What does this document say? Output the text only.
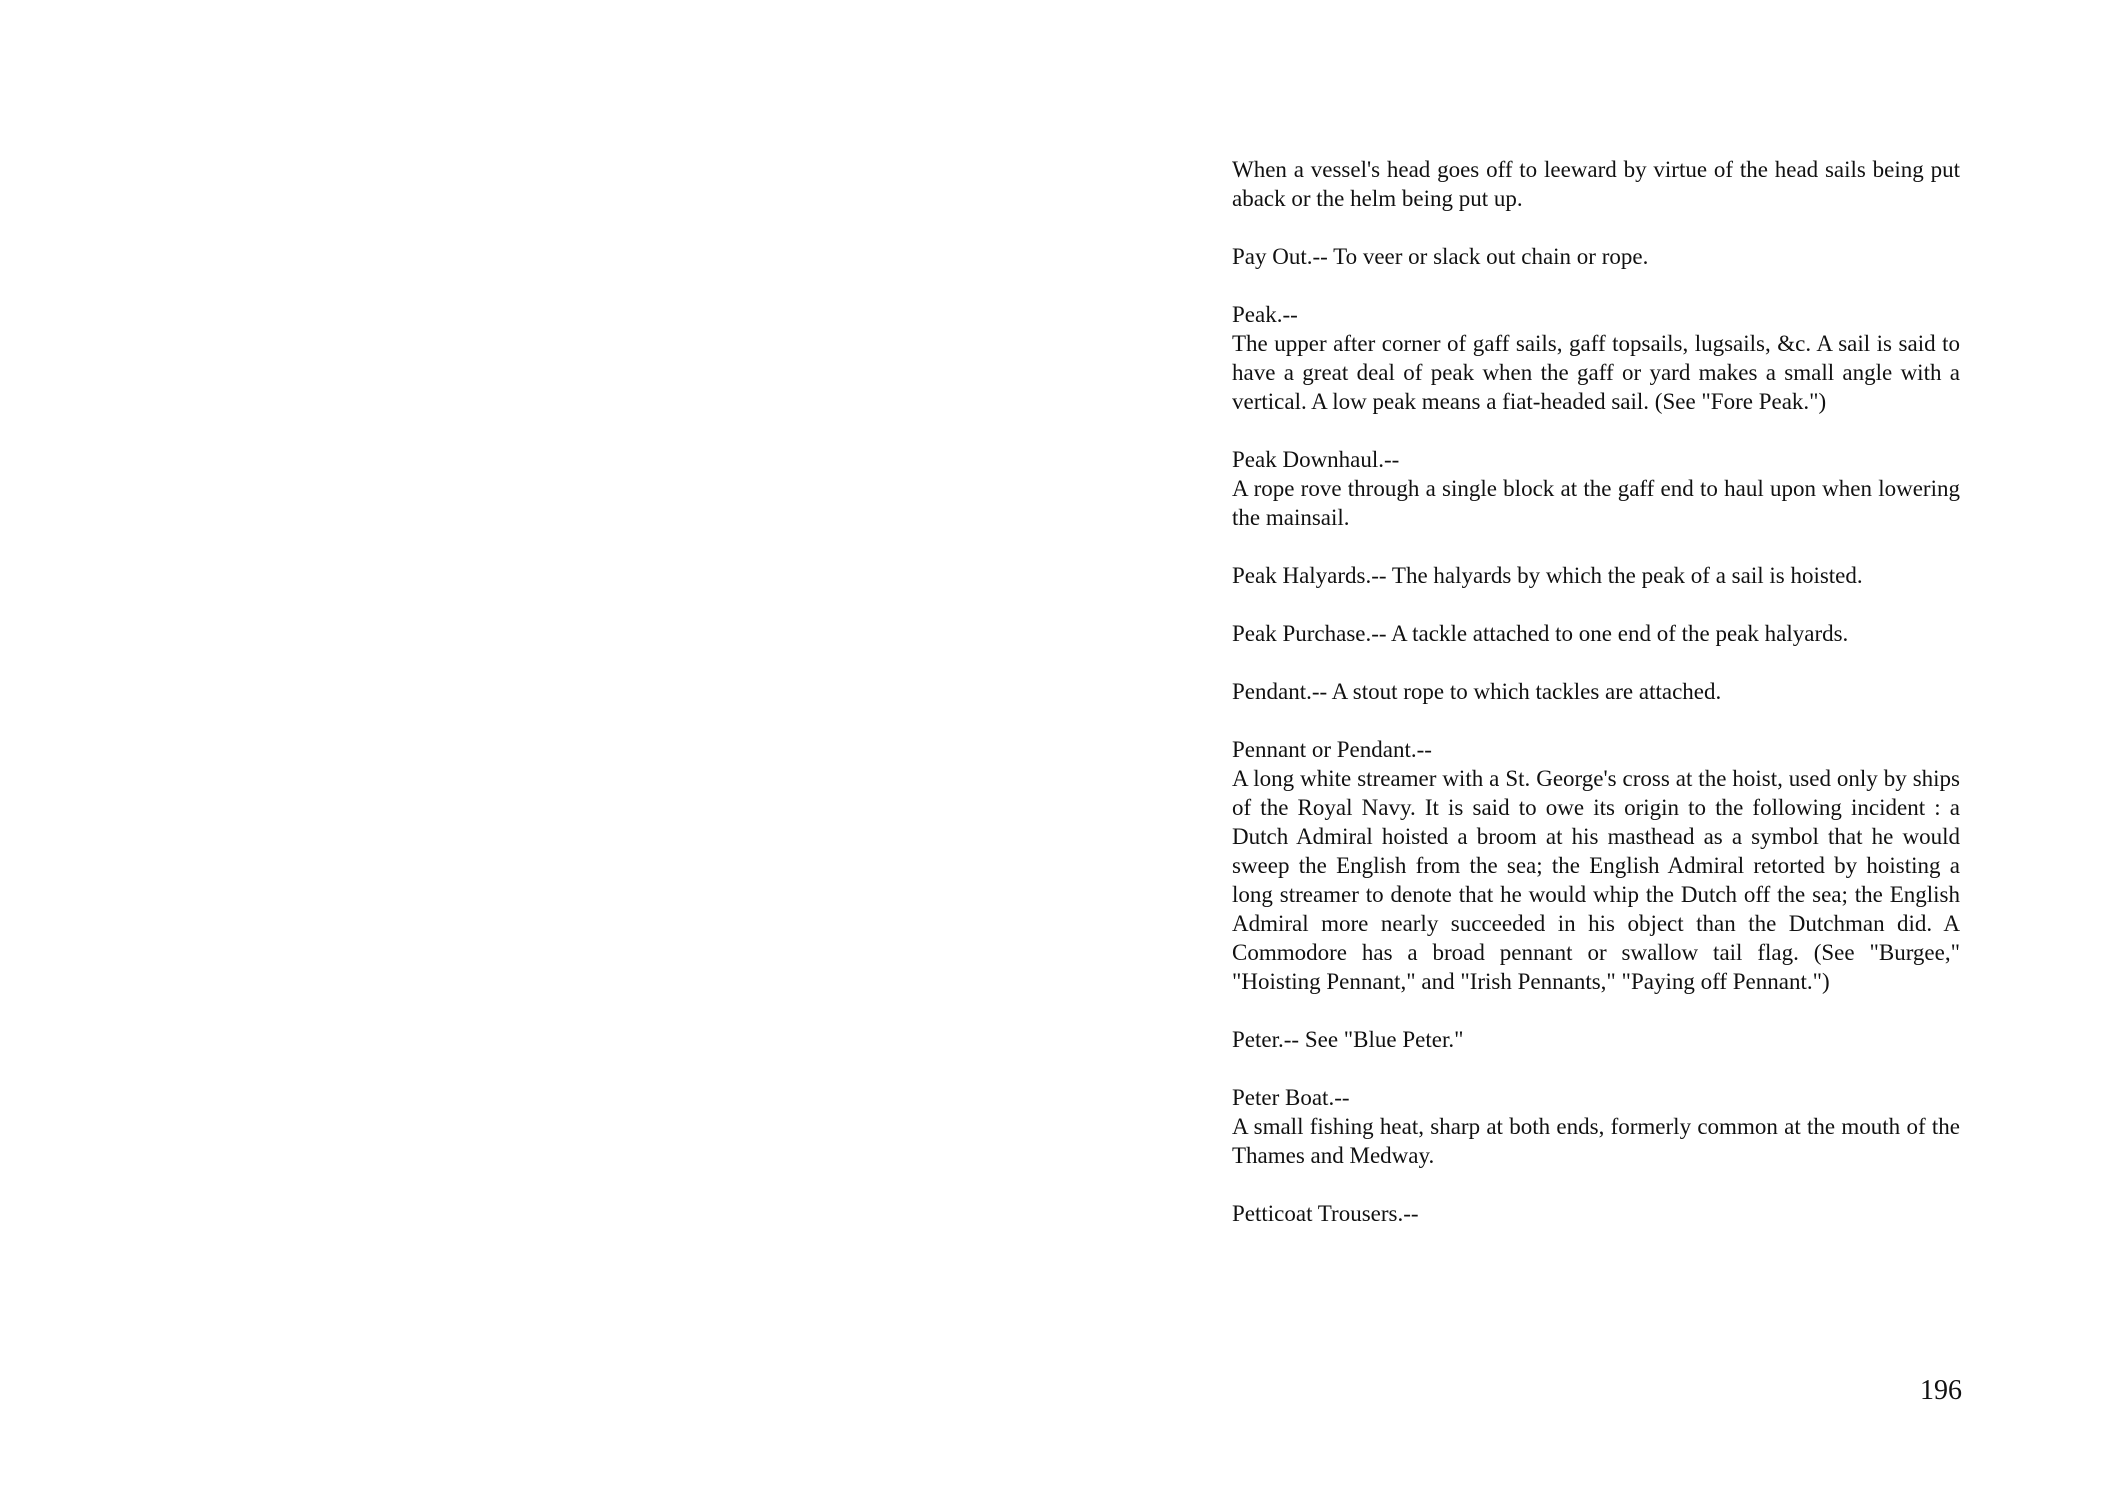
When a vessel's head goes off to leeward by virtue of the head sails being put aback or the helm being put up.

Pay Out.-- To veer or slack out chain or rope.
Peak.--

The upper after corner of gaff sails, gaff topsails, lugsails, &c. A sail is said to have a great deal of peak when the gaff or yard makes a small angle with a vertical. A low peak means a fiat-headed sail. (See "Fore Peak.")

Peak Downhaul.--

A rope rove through a single block at the gaff end to haul upon when lowering the mainsail.

Peak Halyards.-- The halyards by which the peak of a sail is hoisted.
Peak Purchase.-- A tackle attached to one end of the peak halyards.
Pendant.-- A stout rope to which tackles are attached.
Pennant or Pendant.--

A long white streamer with a St. George's cross at the hoist, used only by ships of the Royal Navy. It is said to owe its origin to the following incident : a Dutch Admiral hoisted a broom at his masthead as a symbol that he would sweep the English from the sea; the English Admiral retorted by hoisting a long streamer to denote that he would whip the Dutch off the sea; the English Admiral more nearly succeeded in his object than the Dutchman did. A Commodore has a broad pennant or swallow tail flag. (See "Burgee," "Hoisting Pennant," and "Irish Pennants," "Paying off Pennant.")

Peter.-- See "Blue Peter."
Peter Boat.--

A small fishing heat, sharp at both ends, formerly common at the mouth of the Thames and Medway.

Petticoat Trousers.--
196
